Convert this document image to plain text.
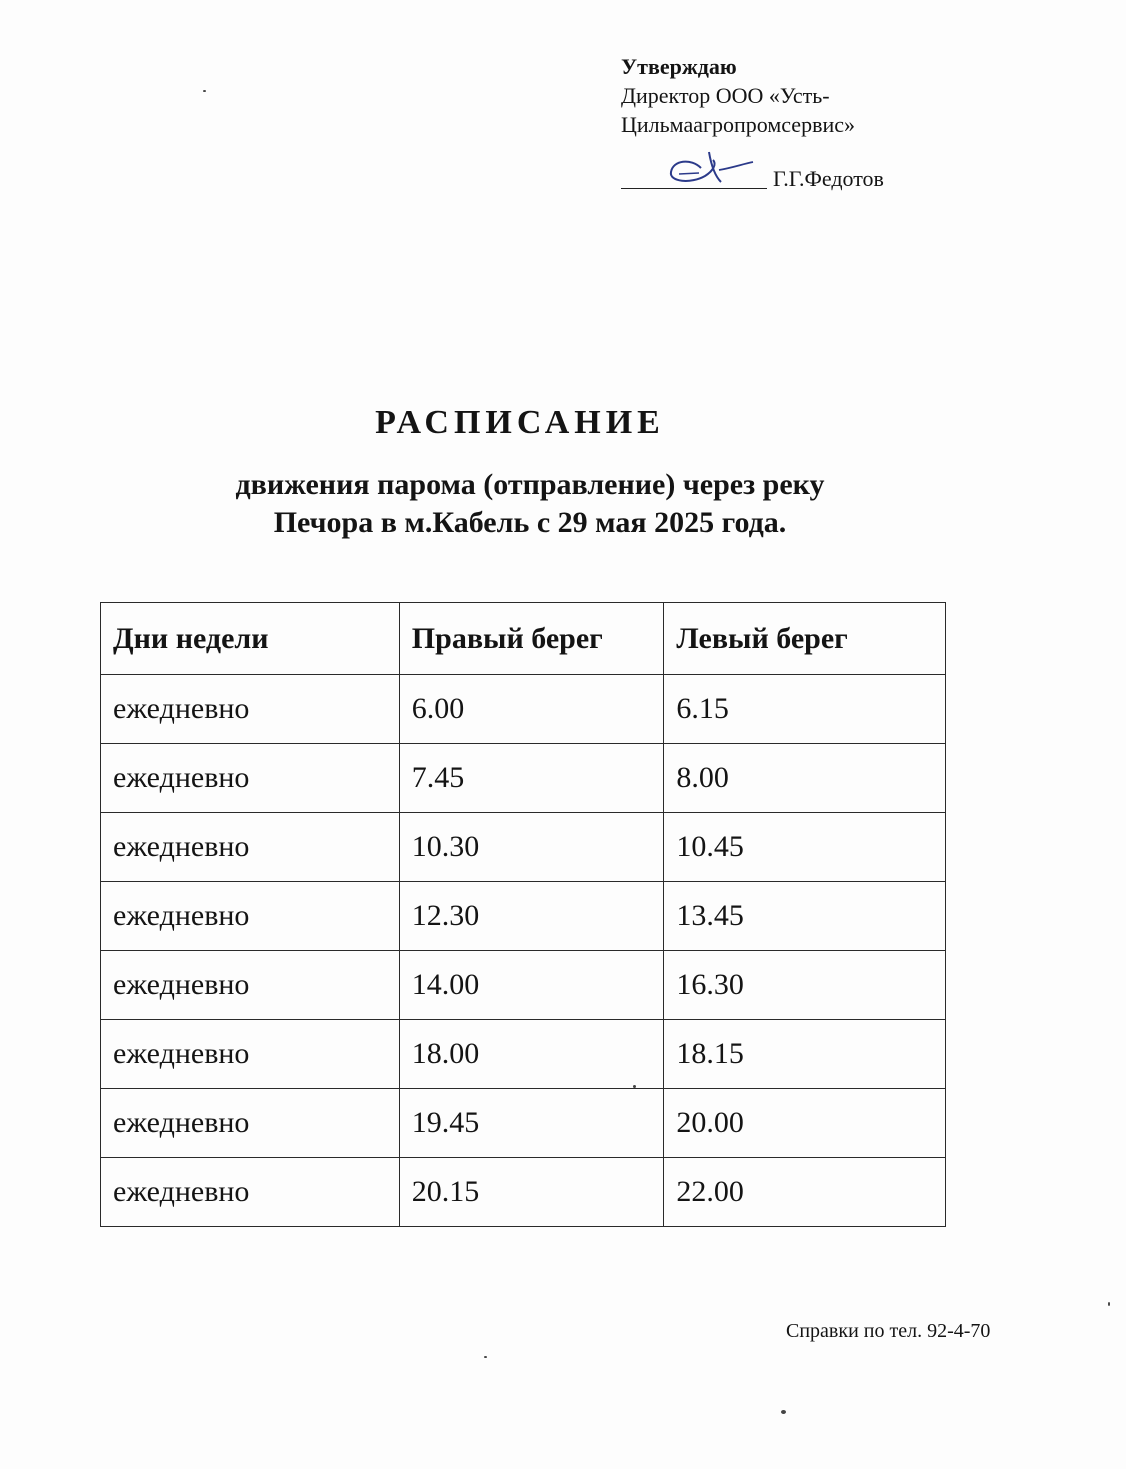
Утверждаю
Директор ООО «Усть-
Цильмаагропромсервис»
Г.Г.Федотов
РАСПИСАНИЕ
движения парома (отправление) через реку
Печора в м.Кабель с 29 мая 2025 года.
Дни недели	Правый берег	Левый берег
ежедневно	6.00	6.15
ежедневно	7.45	8.00
ежедневно	10.30	10.45
ежедневно	12.30	13.45
ежедневно	14.00	16.30
ежедневно	18.00	18.15
ежедневно	19.45	20.00
ежедневно	20.15	22.00
Справки по тел. 92-4-70
